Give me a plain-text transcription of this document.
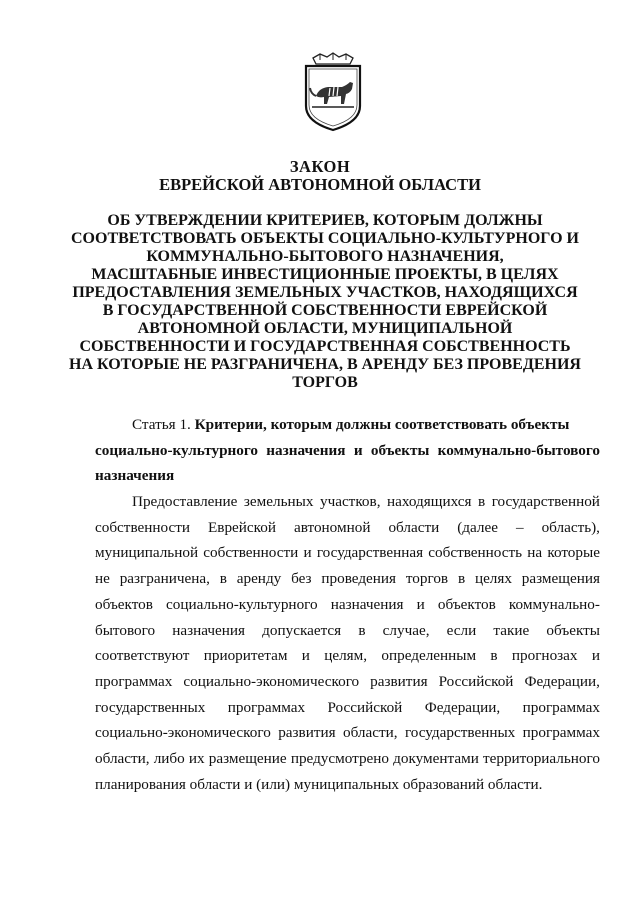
ЗАКОН
ЕВРЕЙСКОЙ АВТОНОМНОЙ ОБЛАСТИ
ОБ УТВЕРЖДЕНИИ КРИТЕРИЕВ, КОТОРЫМ ДОЛЖНЫ
СООТВЕТСТВОВАТЬ ОБЪЕКТЫ СОЦИАЛЬНО-КУЛЬТУРНОГО И
КОММУНАЛЬНО-БЫТОВОГО НАЗНАЧЕНИЯ,
МАСШТАБНЫЕ ИНВЕСТИЦИОННЫЕ ПРОЕКТЫ, В ЦЕЛЯХ
ПРЕДОСТАВЛЕНИЯ ЗЕМЕЛЬНЫХ УЧАСТКОВ, НАХОДЯЩИХСЯ
В ГОСУДАРСТВЕННОЙ СОБСТВЕННОСТИ ЕВРЕЙСКОЙ
АВТОНОМНОЙ ОБЛАСТИ, МУНИЦИПАЛЬНОЙ
СОБСТВЕННОСТИ И ГОСУДАРСТВЕННАЯ СОБСТВЕННОСТЬ
НА КОТОРЫЕ НЕ РАЗГРАНИЧЕНА, В АРЕНДУ БЕЗ ПРОВЕДЕНИЯ
ТОРГОВ
Статья 1. Критерии, которым должны соответствовать объекты
социально-культурного назначения и объекты коммунально-бытового
назначения
Предоставление земельных участков, находящихся в государственной
собственности Еврейской автономной области (далее – область),
муниципальной собственности и государственная собственность на которые
не разграничена, в аренду без проведения торгов в целях размещения
объектов социально-культурного назначения и объектов коммунально-
бытового назначения допускается в случае, если такие объекты
соответствуют приоритетам и целям, определенным в прогнозах и
программах социально-экономического развития Российской Федерации,
государственных программах Российской Федерации, программах
социально-экономического развития области, государственных программах
области, либо их размещение предусмотрено документами территориального
планирования области и (или) муниципальных образований области.
